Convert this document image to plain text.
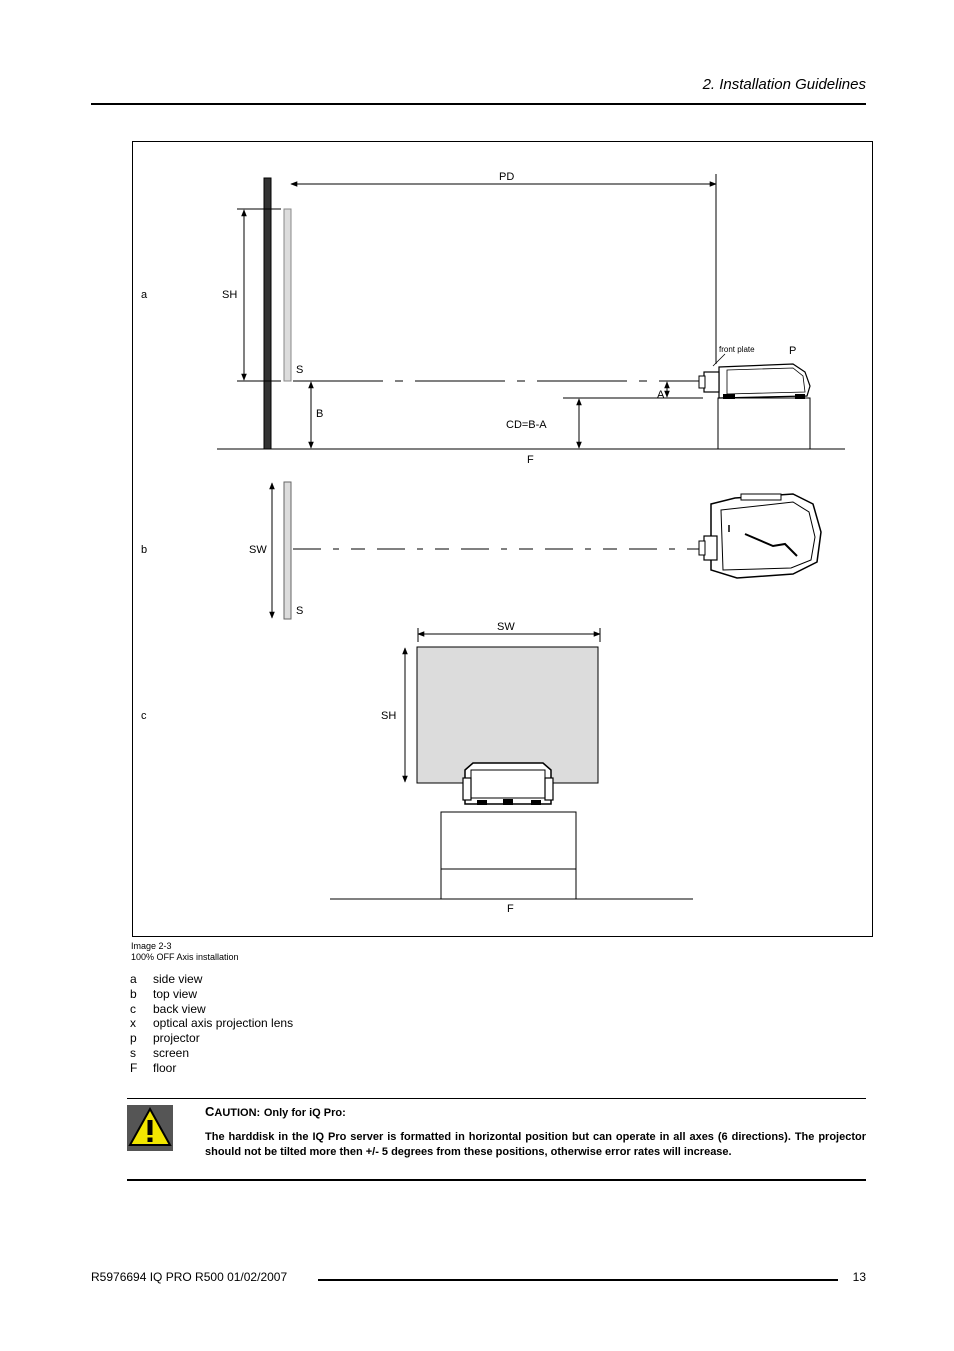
2. Installation Guidelines
a
PD
SH
S
B
CD=B-A
A
F
front plate	P
b	SW
S
c
SW
SH
F
Image 2-3
100% OFF Axis installation
a	side view
b	top view
c	back view
x	optical axis projection lens
p	projector
s	screen
F	floor
CAUTION: Only for iQ Pro:
The harddisk in the IQ Pro server is formatted in horizontal position but can operate in all axes (6 directions). The projector should not be tilted more then +/- 5 degrees from these positions, otherwise error rates will increase.
R5976694 IQ PRO R500 01/02/2007	13
